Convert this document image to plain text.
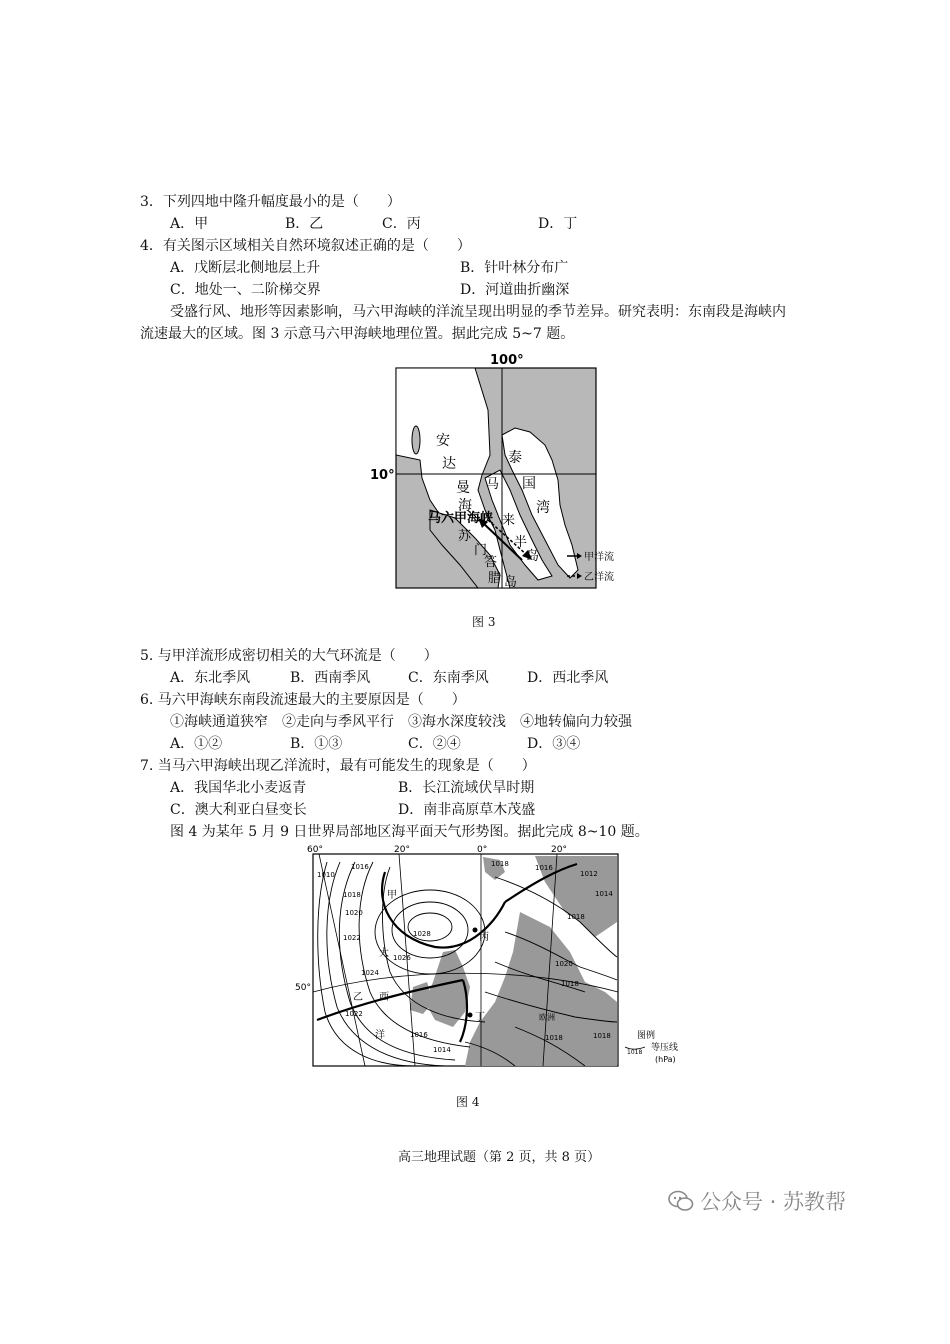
3．下列四地中隆升幅度最小的是（　　）
A．甲	B．乙	C．丙	D．丁
4．有关图示区域相关自然环境叙述正确的是（　　）
A．戊断层北侧地层上升	B．针叶林分布广
C．地处一、二阶梯交界	D．河道曲折幽深
受盛行风、地形等因素影响，马六甲海峡的洋流呈现出明显的季节差异。研究表明：东南段是海峡内
流速最大的区域。图 3 示意马六甲海峡地理位置。据此完成 5~7 题。
100°
10°
安
达
曼
海
马六甲海峡
泰
国
湾
马
来
半
岛
苏
门
答
腊 岛
甲洋流
乙洋流
图 3
5. 与甲洋流形成密切相关的大气环流是（　　）
A．东北季风	B．西南季风	C．东南季风	D．西北季风
6. 马六甲海峡东南段流速最大的主要原因是（　　）
①海峡通道狭窄　②走向与季风平行　③海水深度较浅　④地转偏向力较强
A．①②	B．①③	C．②④	D．③④
7. 当马六甲海峡出现乙洋流时，最有可能发生的现象是（　　）
A．我国华北小麦返青	B．长江流域伏旱时期
C．澳大利亚白昼变长	D．南非高原草木茂盛
图 4 为某年 5 月 9 日世界局部地区海平面天气形势图。据此完成 8~10 题。
60°	20°	0°	20°
50°
1016
1010
1018
1020
1022	1028
1026
1024
1022
1016
1014
1018	1016
1012
1014
1018
1020
1018
1018	1018
甲
乙
丙
丁
大
西
洋
欧洲
图例
1018 等压线
(hPa)
图 4
高三地理试题（第 2 页，共 8 页）
公众号 · 苏教帮
